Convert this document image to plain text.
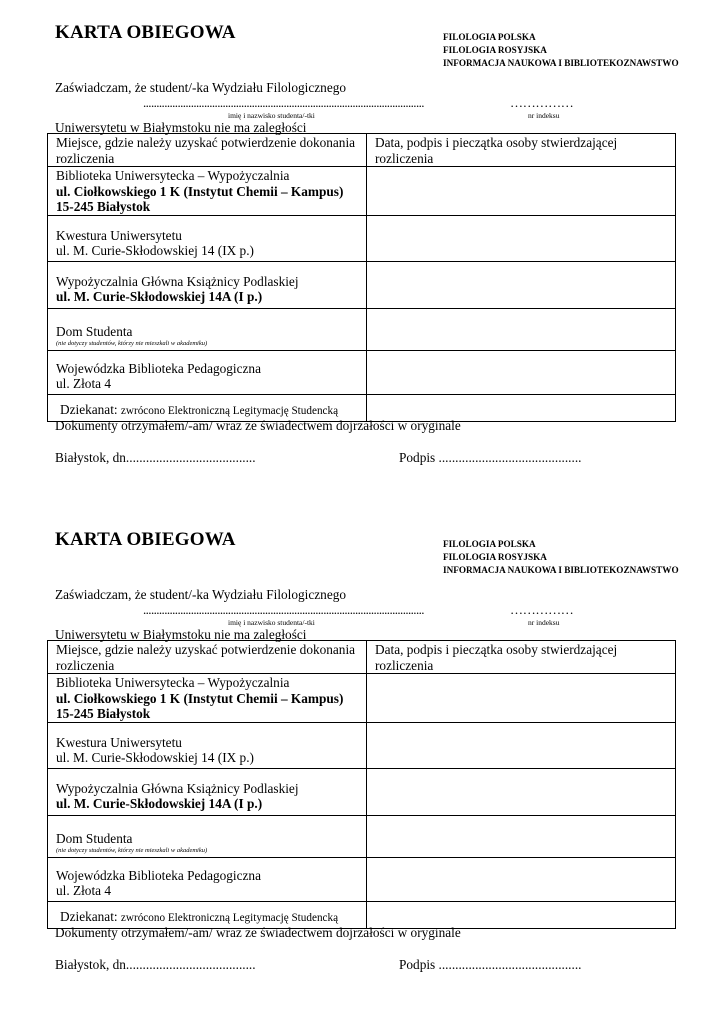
KARTA OBIEGOWA	FILOLOGIA POLSKA
FILOLOGIA ROSYJSKA
INFORMACJA NAUKOWA I BIBLIOTEKOZNAWSTWO
Zaświadczam, że student/-ka Wydziału Filologicznego
..........................................................................................................	……………
imię i nazwisko studenta/-tki	nr indeksu
Uniwersytetu w Białymstoku nie ma zaległości
Miejsce, gdzie należy uzyskać potwierdzenie dokonania rozliczenia	Data, podpis i pieczątka osoby stwierdzającej rozliczenia

Biblioteka Uniwersytecka – Wypożyczalnia
ul. Ciołkowskiego 1 K (Instytut Chemii – Kampus)
15-245 Białystok	

Kwestura Uniwersytetu
ul. M. Curie-Skłodowskiej 14 (IX p.)	

Wypożyczalnia Główna Książnicy Podlaskiej
ul. M. Curie-Skłodowskiej 14A (I p.)	

Dom Studenta
(nie dotyczy studentów, którzy nie mieszkali w akademiku)	

Wojewódzka Biblioteka Pedagogiczna
ul. Złota 4	

Dziekanat: zwrócono Elektroniczną Legitymację Studencką	
Dokumenty otrzymałem/-am/ wraz ze świadectwem dojrzałości w oryginale
Białystok, dn.......................................	Podpis ...........................................
KARTA OBIEGOWA	FILOLOGIA POLSKA
FILOLOGIA ROSYJSKA
INFORMACJA NAUKOWA I BIBLIOTEKOZNAWSTWO
Zaświadczam, że student/-ka Wydziału Filologicznego
..........................................................................................................	……………
imię i nazwisko studenta/-tki	nr indeksu
Uniwersytetu w Białymstoku nie ma zaległości
Miejsce, gdzie należy uzyskać potwierdzenie dokonania rozliczenia	Data, podpis i pieczątka osoby stwierdzającej rozliczenia

Biblioteka Uniwersytecka – Wypożyczalnia
ul. Ciołkowskiego 1 K (Instytut Chemii – Kampus)
15-245 Białystok	

Kwestura Uniwersytetu
ul. M. Curie-Skłodowskiej 14 (IX p.)	

Wypożyczalnia Główna Książnicy Podlaskiej
ul. M. Curie-Skłodowskiej 14A (I p.)	

Dom Studenta
(nie dotyczy studentów, którzy nie mieszkali w akademiku)	

Wojewódzka Biblioteka Pedagogiczna
ul. Złota 4	

Dziekanat: zwrócono Elektroniczną Legitymację Studencką	
Dokumenty otrzymałem/-am/ wraz ze świadectwem dojrzałości w oryginale
Białystok, dn.......................................	Podpis ...........................................
